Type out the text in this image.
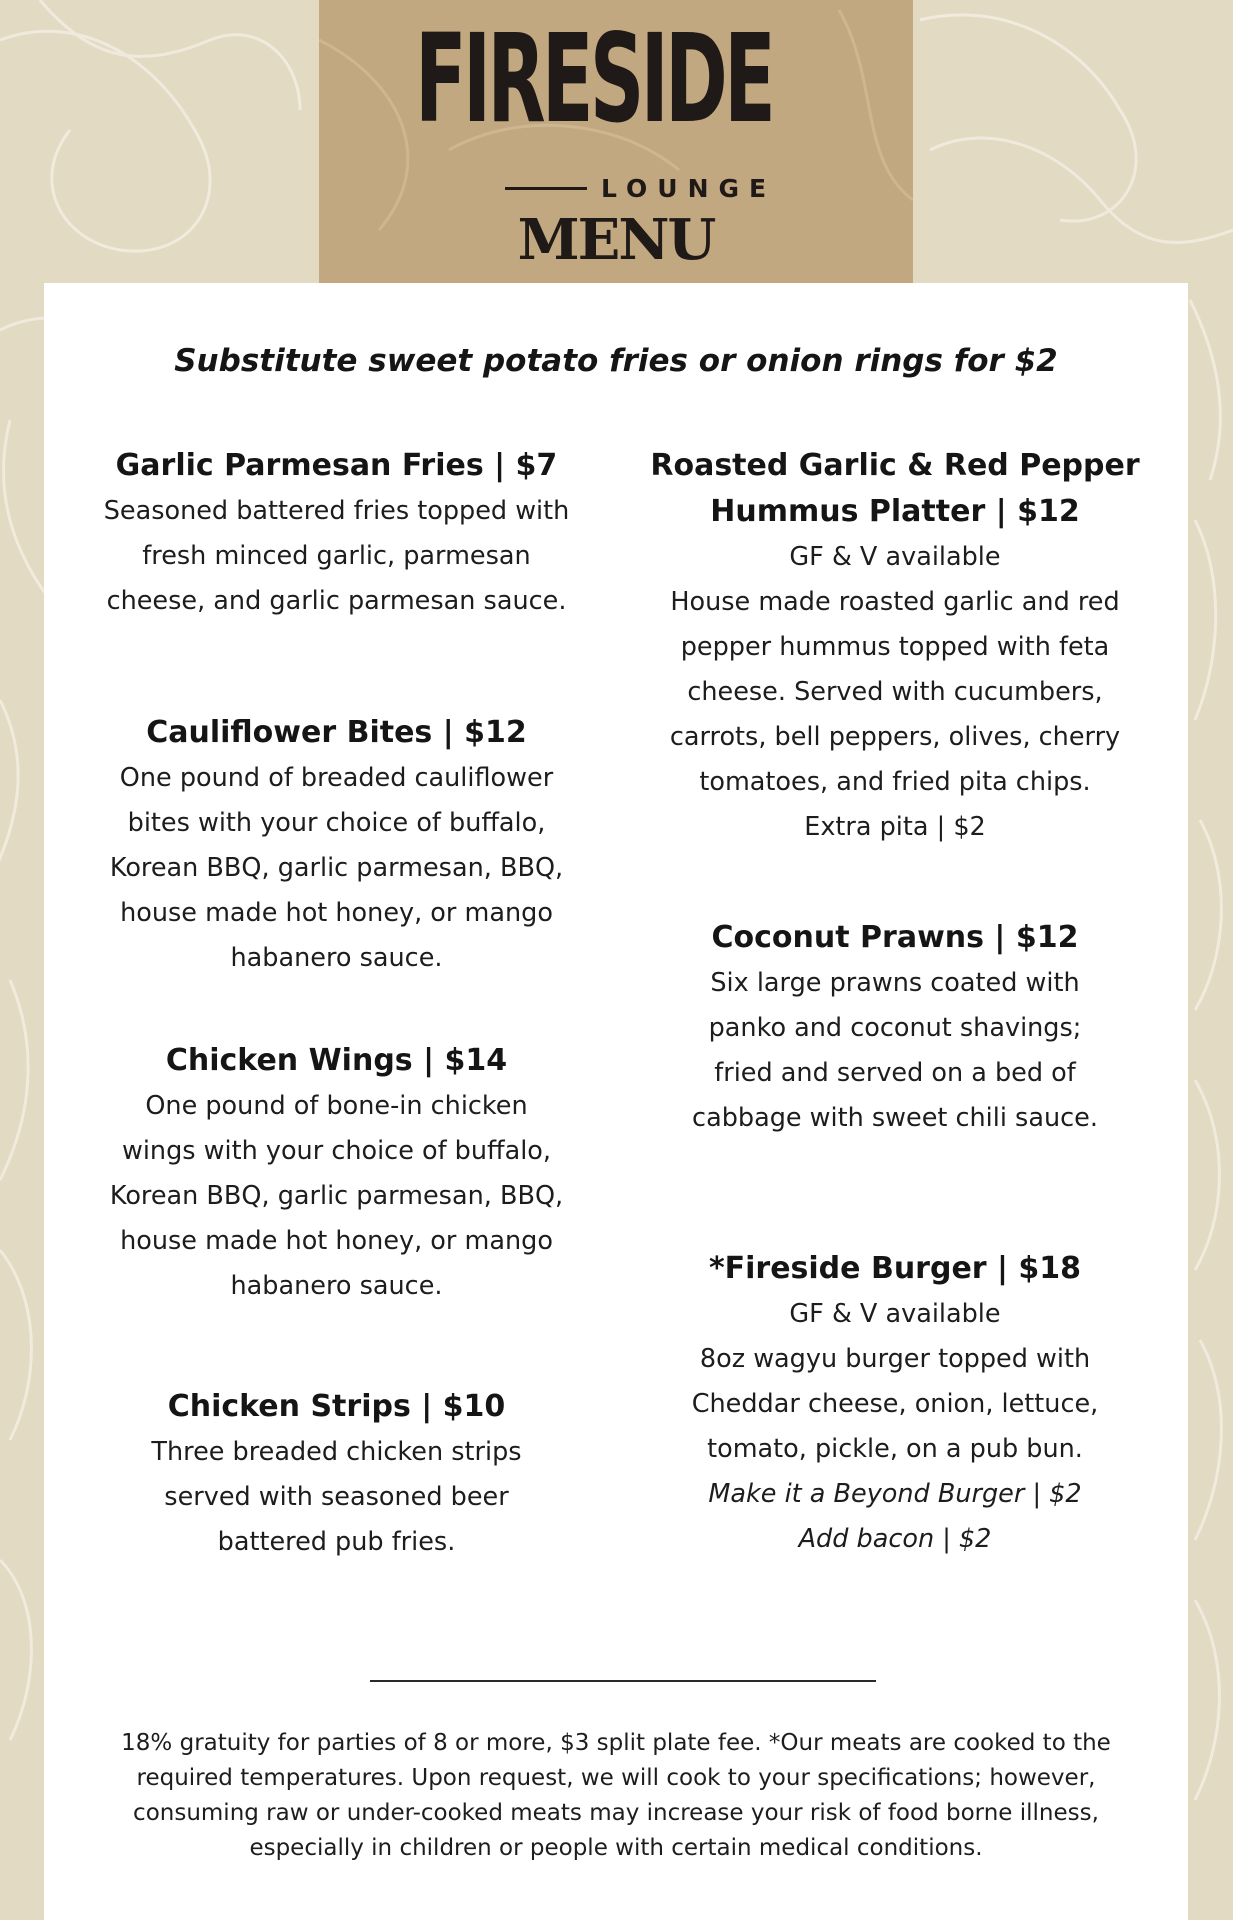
FIRESIDE
LOUNGE
MENU
Substitute sweet potato fries or onion rings for $2
Garlic Parmesan Fries | $7
Seasoned battered fries topped with
fresh minced garlic, parmesan
cheese, and garlic parmesan sauce.
Cauliflower Bites | $12
One pound of breaded cauliflower
bites with your choice of buffalo,
Korean BBQ, garlic parmesan, BBQ,
house made hot honey, or mango
habanero sauce.
Chicken Wings | $14
One pound of bone-in chicken
wings with your choice of buffalo,
Korean BBQ, garlic parmesan, BBQ,
house made hot honey, or mango
habanero sauce.
Chicken Strips | $10
Three breaded chicken strips
served with seasoned beer
battered pub fries.
Roasted Garlic & Red Pepper
Hummus Platter | $12
GF & V available
House made roasted garlic and red
pepper hummus topped with feta
cheese. Served with cucumbers,
carrots, bell peppers, olives, cherry
tomatoes, and fried pita chips.
Extra pita | $2
Coconut Prawns | $12
Six large prawns coated with
panko and coconut shavings;
fried and served on a bed of
cabbage with sweet chili sauce.
*Fireside Burger | $18
GF & V available
8oz wagyu burger topped with
Cheddar cheese, onion, lettuce,
tomato, pickle, on a pub bun.
Make it a Beyond Burger | $2
Add bacon | $2
18% gratuity for parties of 8 or more, $3 split plate fee. *Our meats are cooked to the
required temperatures. Upon request, we will cook to your specifications; however,
consuming raw or under-cooked meats may increase your risk of food borne illness,
especially in children or people with certain medical conditions.
